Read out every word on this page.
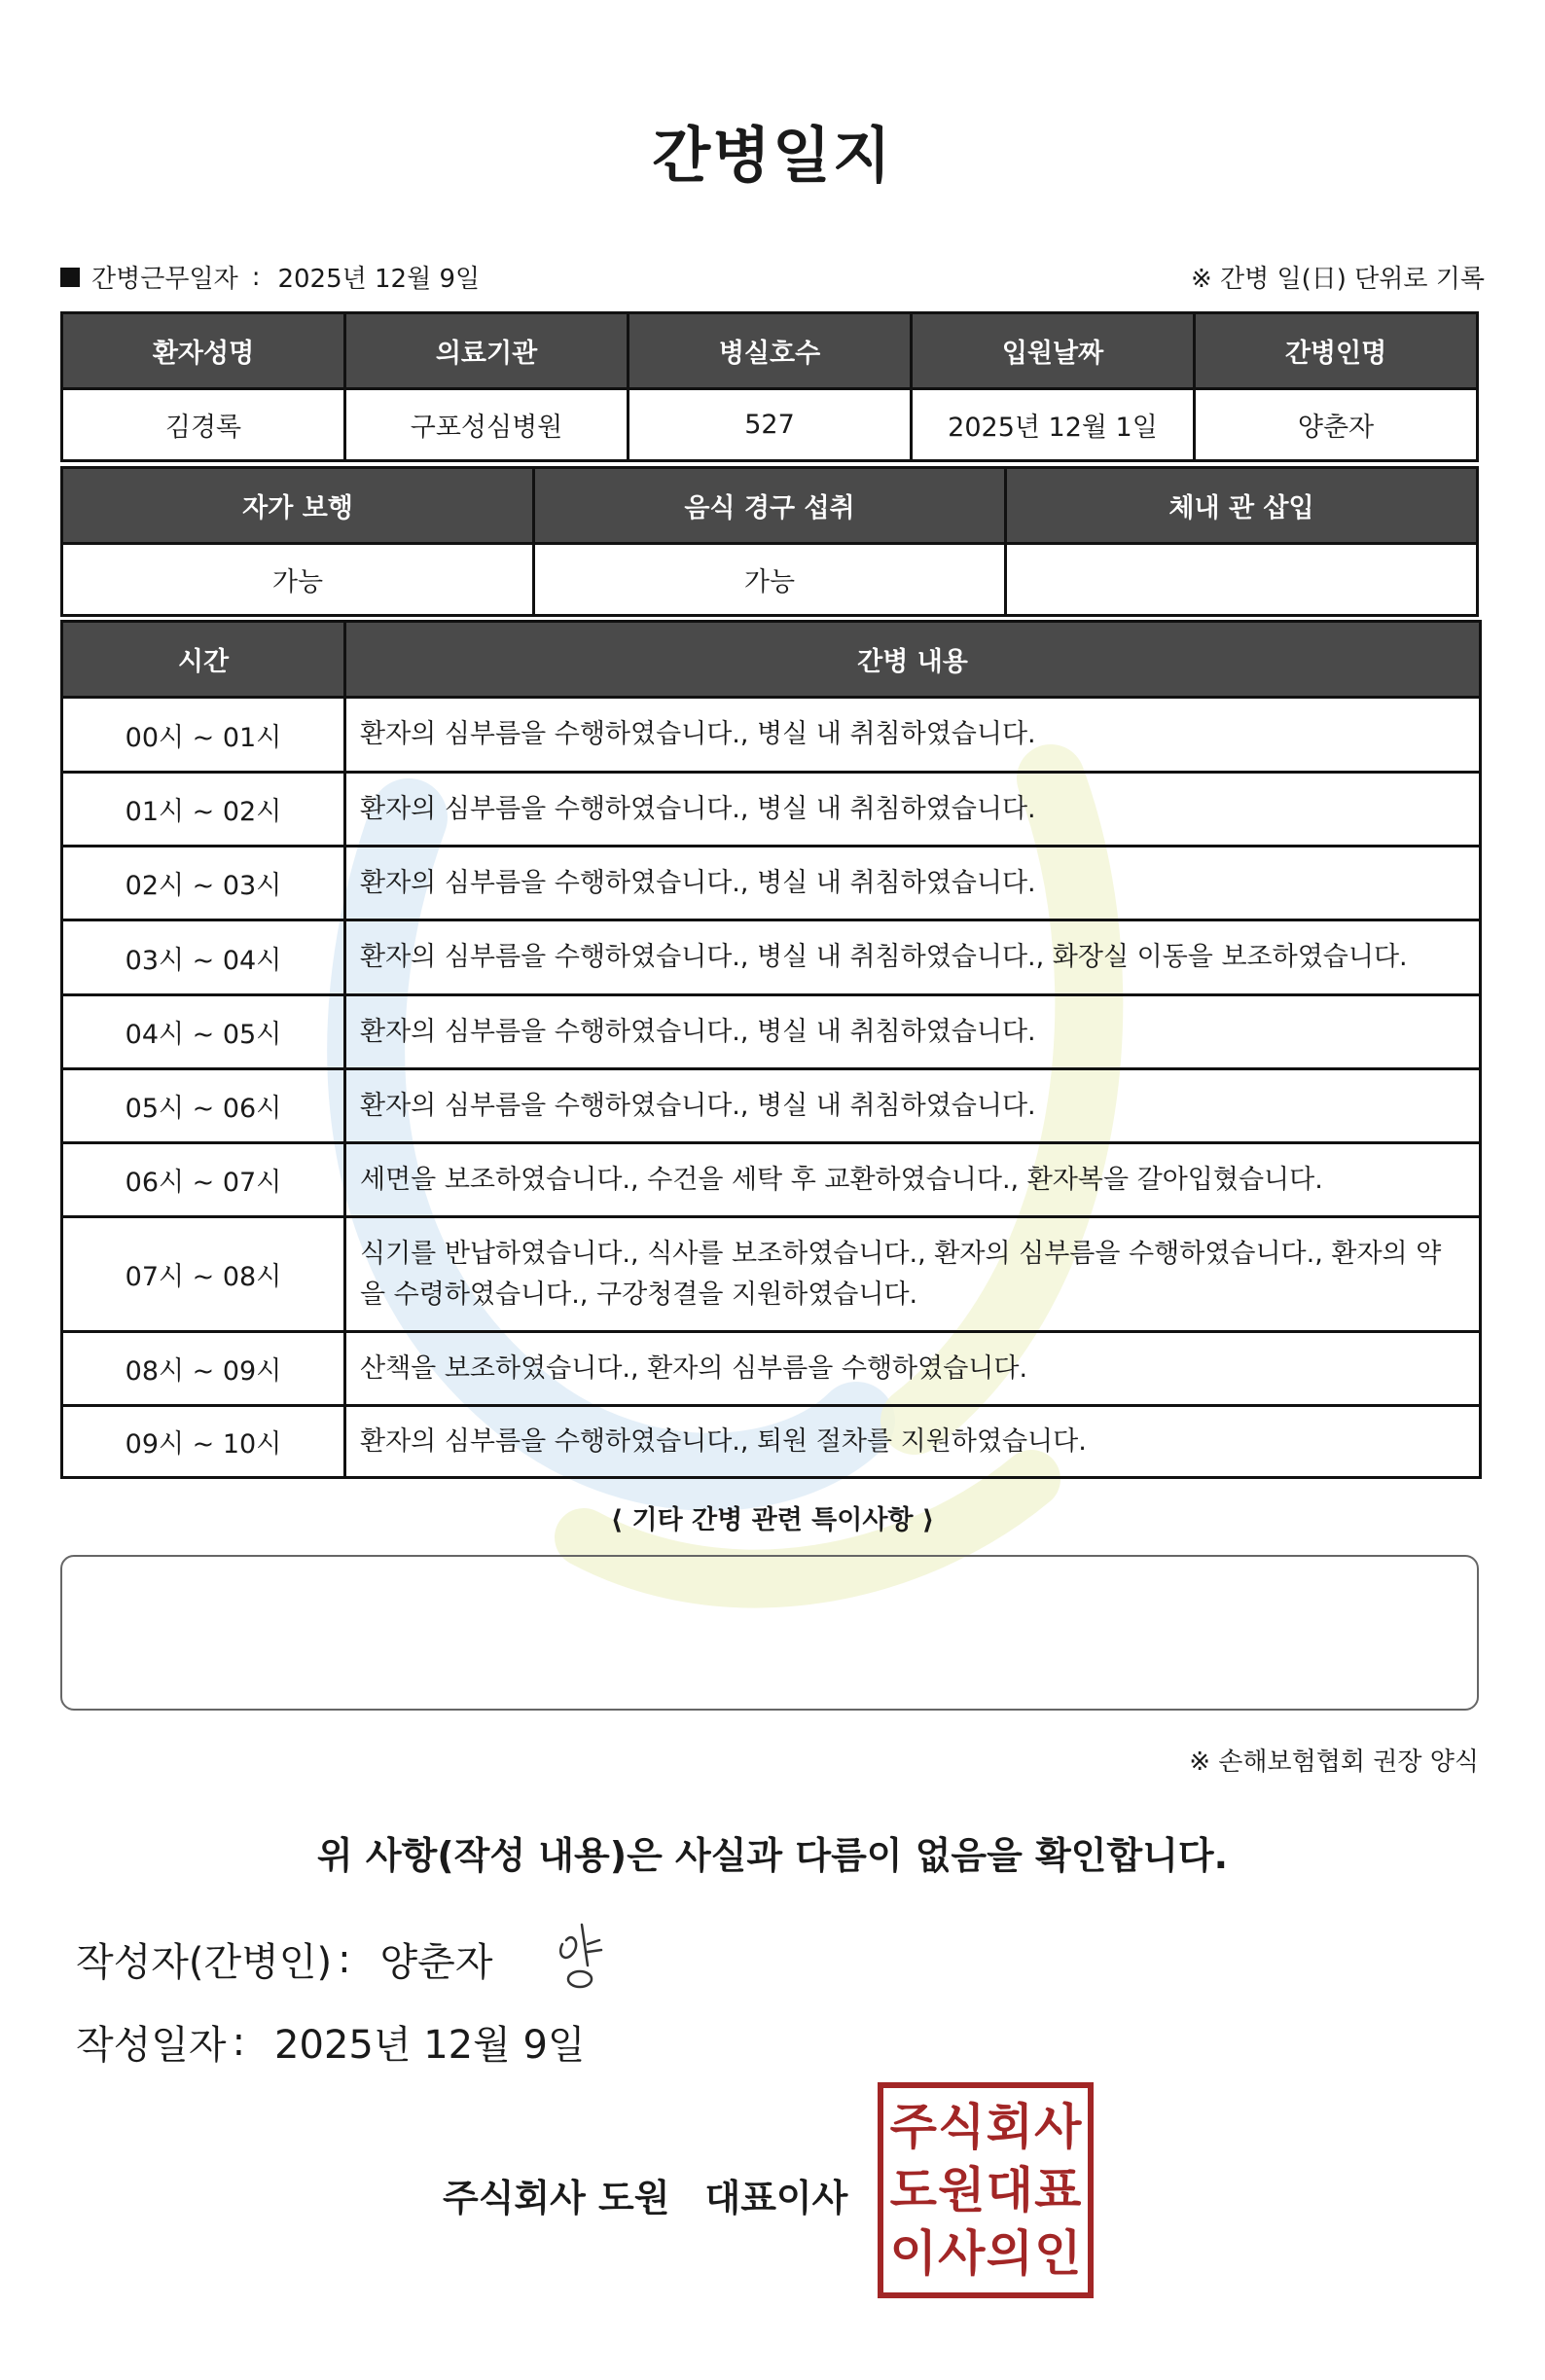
간병일지
간병근무일자 : 2025년 12월 9일	※ 간병 일(日) 단위로 기록
환자성명	의료기관	병실호수	입원날짜	간병인명
김경록	구포성심병원	527	2025년 12월 1일	양춘자
자가 보행	음식 경구 섭취	체내 관 삽입
가능	가능	
시간	간병 내용
00시 ~ 01시	환자의 심부름을 수행하였습니다., 병실 내 취침하였습니다.
01시 ~ 02시	환자의 심부름을 수행하였습니다., 병실 내 취침하였습니다.
02시 ~ 03시	환자의 심부름을 수행하였습니다., 병실 내 취침하였습니다.
03시 ~ 04시	환자의 심부름을 수행하였습니다., 병실 내 취침하였습니다., 화장실 이동을 보조하였습니다.
04시 ~ 05시	환자의 심부름을 수행하였습니다., 병실 내 취침하였습니다.
05시 ~ 06시	환자의 심부름을 수행하였습니다., 병실 내 취침하였습니다.
06시 ~ 07시	세면을 보조하였습니다., 수건을 세탁 후 교환하였습니다., 환자복을 갈아입혔습니다.
07시 ~ 08시	식기를 반납하였습니다., 식사를 보조하였습니다., 환자의 심부름을 수행하였습니다., 환자의 약을 수령하였습니다., 구강청결을 지원하였습니다.
08시 ~ 09시	산책을 보조하였습니다., 환자의 심부름을 수행하였습니다.
09시 ~ 10시	환자의 심부름을 수행하였습니다., 퇴원 절차를 지원하였습니다.
⟨ 기타 간병 관련 특이사항 ⟩
※ 손해보험협회 권장 양식
위 사항(작성 내용)은 사실과 다름이 없음을 확인합니다.
작성자(간병인) : 양춘자
작성일자 : 2025년 12월 9일
주식회사 도원 대표이사
주 식 회 사
도 원 대 표
이 사 의 인
